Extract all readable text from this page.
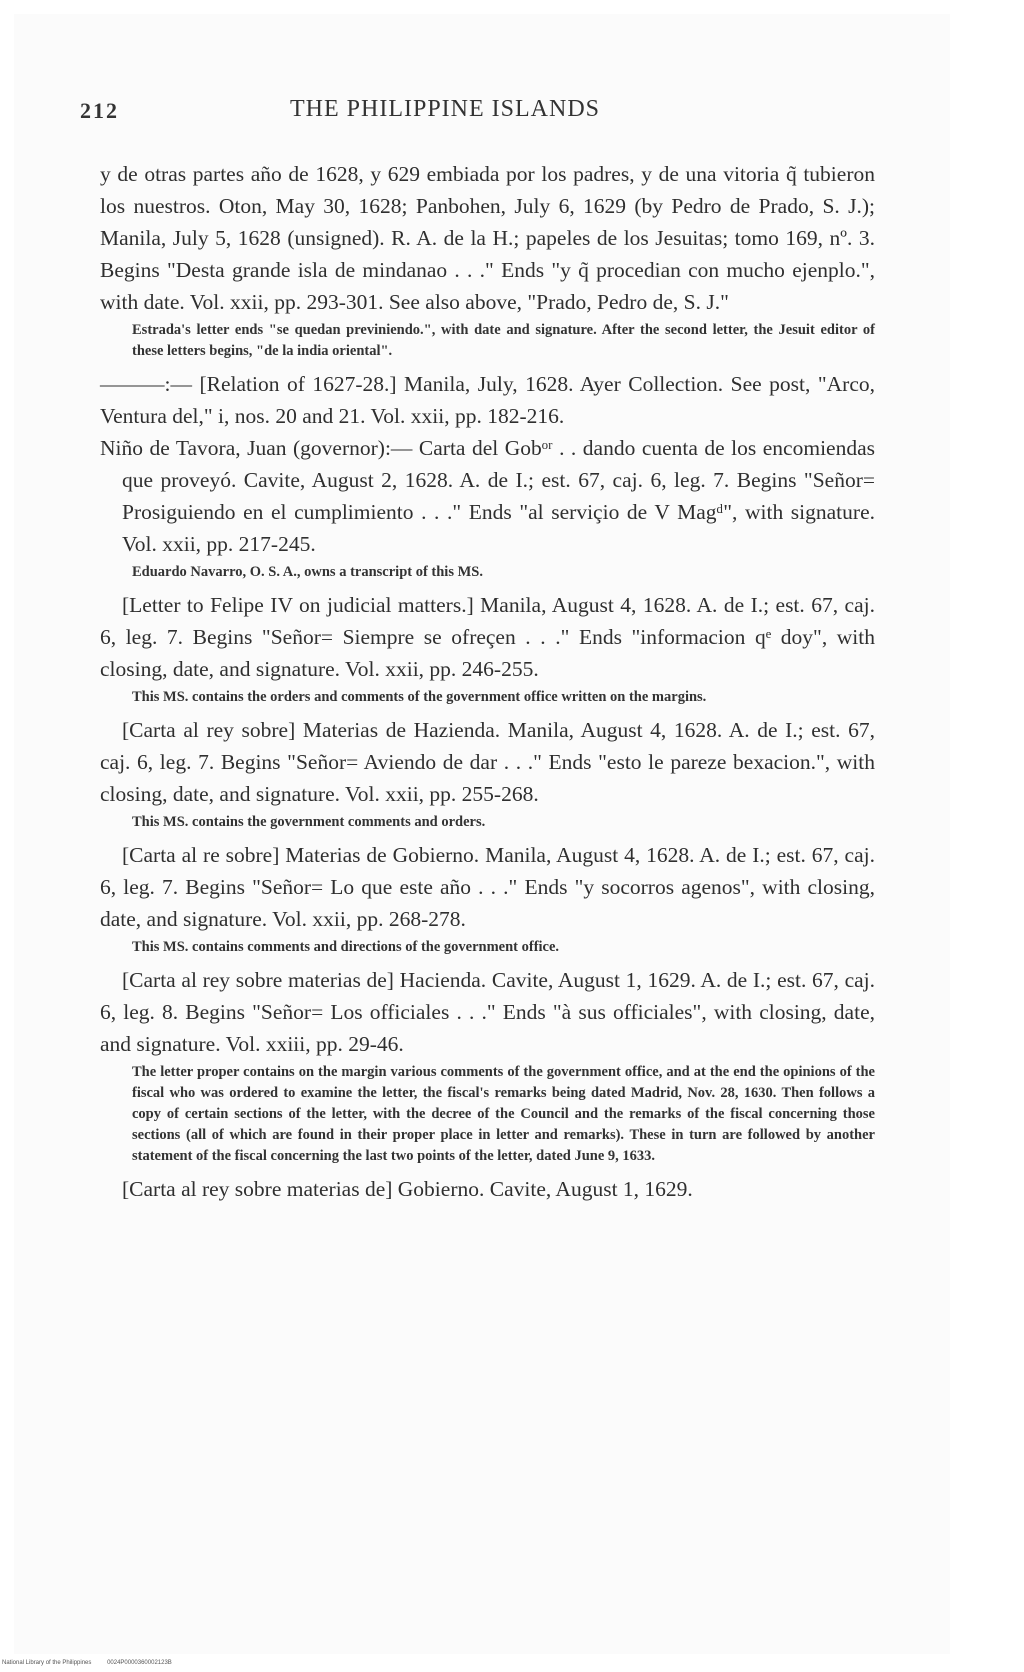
212	THE PHILIPPINE ISLANDS

y de otras partes año de 1628, y 629 embiada por los padres, y de una vitoria q̃ tubieron los nuestros. Oton, May 30, 1628; Panbohen, July 6, 1629 (by Pedro de Prado, S. J.); Manila, July 5, 1628 (unsigned). R. A. de la H.; papeles de los Jesuitas; tomo 169, nº. 3. Begins "Desta grande isla de mindanao . . ." Ends "y q̃ procedian con mucho ejenplo.", with date. Vol. xxii, pp. 293-301. See also above, "Prado, Pedro de, S. J."

Estrada's letter ends "se quedan previniendo.", with date and signature. After the second letter, the Jesuit editor of these letters begins, "de la india oriental".

———:— [Relation of 1627-28.] Manila, July, 1628. Ayer Collection. See post, "Arco, Ventura del," i, nos. 20 and 21. Vol. xxii, pp. 182-216.

Niño de Tavora, Juan (governor):— Carta del Gobᵒʳ . . dando cuenta de los encomiendas que proveyó. Cavite, August 2, 1628. A. de I.; est. 67, caj. 6, leg. 7. Begins "Señor= Prosiguiendo en el cumplimiento . . ." Ends "al serviçio de V Magᵈ", with signature. Vol. xxii, pp. 217-245.

Eduardo Navarro, O. S. A., owns a transcript of this MS.

[Letter to Felipe IV on judicial matters.] Manila, August 4, 1628. A. de I.; est. 67, caj. 6, leg. 7. Begins "Señor= Siempre se ofreçen . . ." Ends "informacion qᵉ doy", with closing, date, and signature. Vol. xxii, pp. 246-255.

This MS. contains the orders and comments of the government office written on the margins.

[Carta al rey sobre] Materias de Hazienda. Manila, August 4, 1628. A. de I.; est. 67, caj. 6, leg. 7. Begins "Señor= Aviendo de dar . . ." Ends "esto le pareze bexacion.", with closing, date, and signature. Vol. xxii, pp. 255-268.

This MS. contains the government comments and orders.

[Carta al re sobre] Materias de Gobierno. Manila, August 4, 1628. A. de I.; est. 67, caj. 6, leg. 7. Begins "Señor= Lo que este año . . ." Ends "y socorros agenos", with closing, date, and signature. Vol. xxii, pp. 268-278.

This MS. contains comments and directions of the government office.

[Carta al rey sobre materias de] Hacienda. Cavite, August 1, 1629. A. de I.; est. 67, caj. 6, leg. 8. Begins "Señor= Los officiales . . ." Ends "à sus officiales", with closing, date, and signature. Vol. xxiii, pp. 29-46.

The letter proper contains on the margin various comments of the government office, and at the end the opinions of the fiscal who was ordered to examine the letter, the fiscal's remarks being dated Madrid, Nov. 28, 1630. Then follows a copy of certain sections of the letter, with the decree of the Council and the remarks of the fiscal concerning those sections (all of which are found in their proper place in letter and remarks). These in turn are followed by another statement of the fiscal concerning the last two points of the letter, dated June 9, 1633.

[Carta al rey sobre materias de] Gobierno. Cavite, August 1, 1629.

National Library of the Philippines	0024P0000360002123B
